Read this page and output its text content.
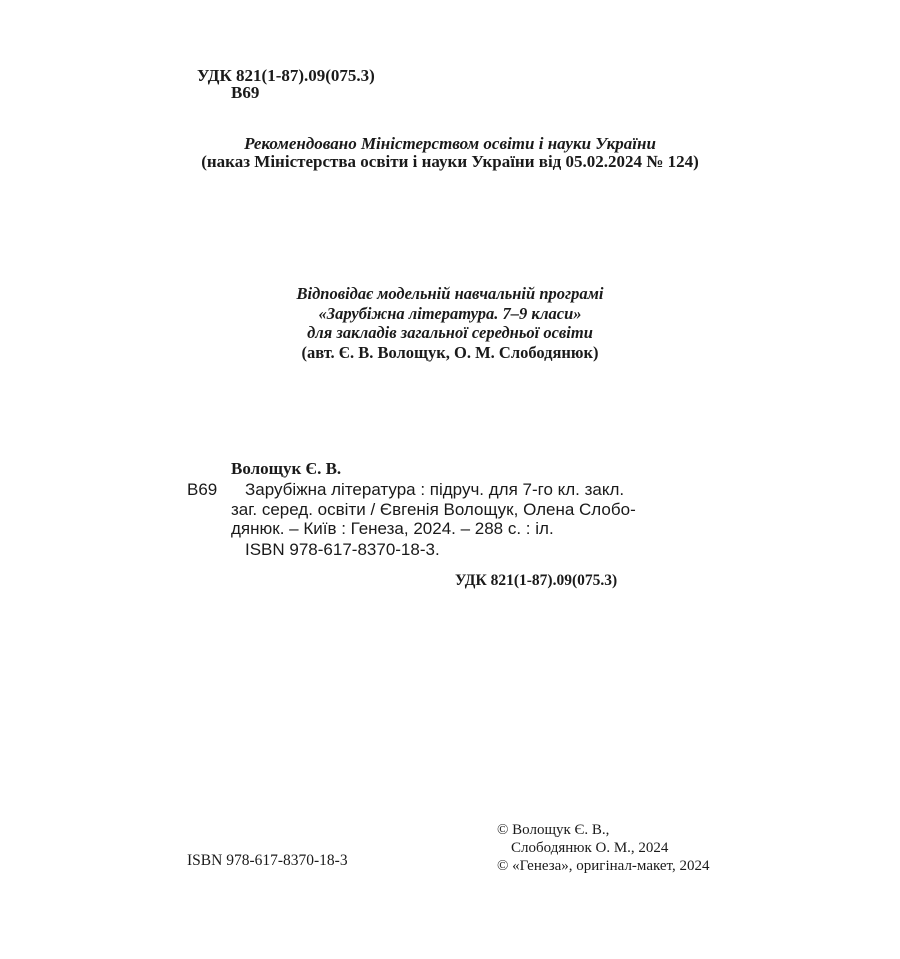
УДК 821(1-87).09(075.3)
В69
Рекомендовано Міністерством освіти і науки України
(наказ Міністерства освіти і науки України від 05.02.2024 № 124)
Відповідає модельній навчальній програмі
«Зарубіжна література. 7–9 класи»
для закладів загальної середньої освіти
(авт. Є. В. Волощук, О. М. Слободянюк)
Волощук Є. В.
В69 Зарубіжна література : підруч. для 7-го кл. закл.
заг. серед. освіти / Євгенія Волощук, Олена Слобо-
дянюк. – Київ : Генеза, 2024. – 288 с. : іл.
ISBN 978-617-8370-18-3.
УДК 821(1-87).09(075.3)
ISBN 978-617-8370-18-3
© Волощук Є. В.,
Слободянюк О. М., 2024
© «Генеза», оригінал-макет, 2024
